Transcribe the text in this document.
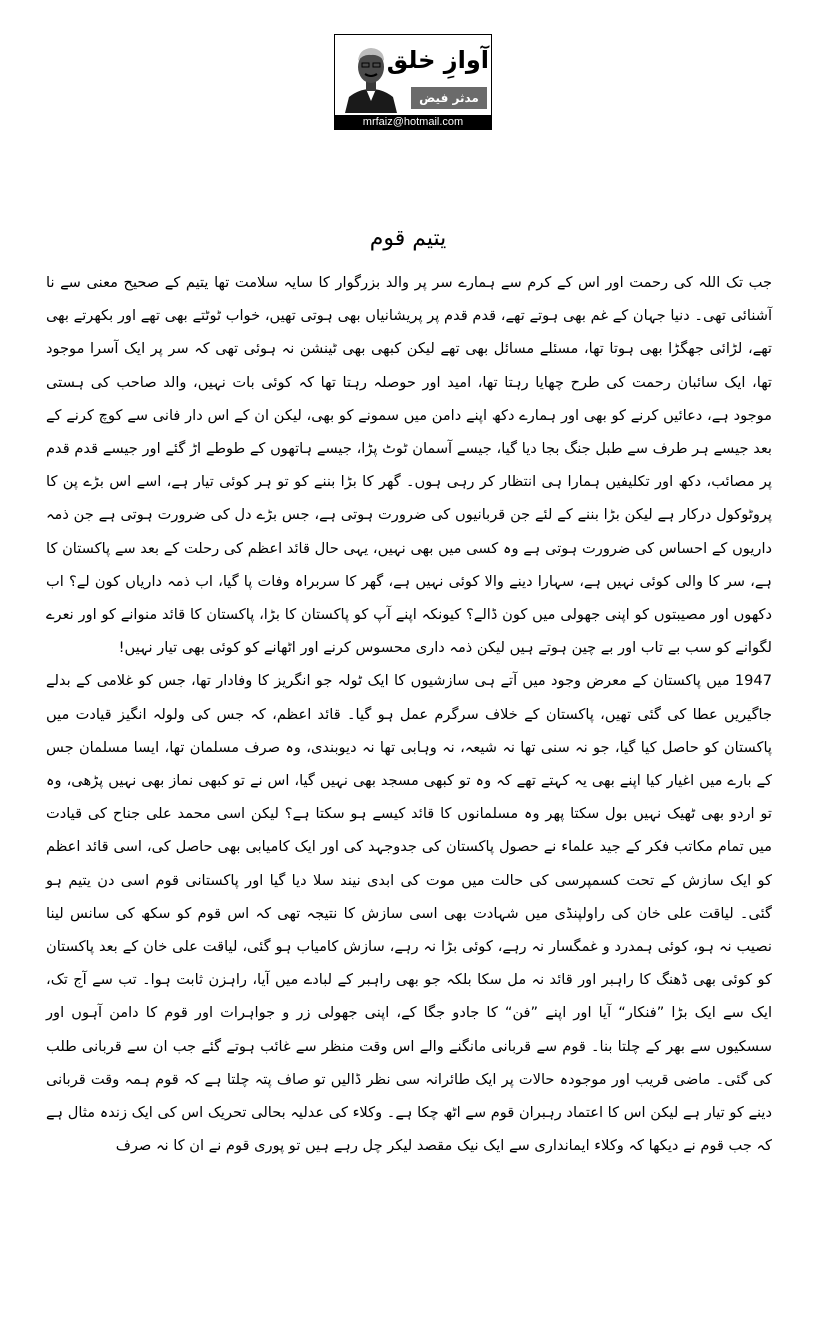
آوازِ خلق
مدثر فیض
mrfaiz@hotmail.com
یتیم قوم

جب تک اللہ کی رحمت اور اس کے کرم سے ہمارے سر پر والد بزرگوار کا سایہ سلامت تھا یتیم کے صحیح معنی سے نا آشنائی تھی۔ دنیا جہان کے غم بھی ہوتے تھے، قدم قدم پر پریشانیاں بھی ہوتی تھیں، خواب ٹوٹتے بھی تھے اور بکھرتے بھی تھے، لڑائی جھگڑا بھی ہوتا تھا، مسئلے مسائل بھی تھے لیکن کبھی بھی ٹینشن نہ ہوئی تھی کہ سر پر ایک آسرا موجود تھا، ایک سائبان رحمت کی طرح چھایا رہتا تھا، امید اور حوصلہ رہتا تھا کہ کوئی بات نہیں، والد صاحب کی ہستی موجود ہے، دعائیں کرنے کو بھی اور ہمارے دکھ اپنے دامن میں سمونے کو بھی، لیکن ان کے اس دار فانی سے کوچ کرنے کے بعد جیسے ہر طرف سے طبل جنگ بجا دیا گیا، جیسے آسمان ٹوٹ پڑا، جیسے ہاتھوں کے طوطے اڑ گئے اور جیسے قدم قدم پر مصائب، دکھ اور تکلیفیں ہمارا ہی انتظار کر رہی ہوں۔ گھر کا بڑا بننے کو تو ہر کوئی تیار ہے، اسے اس بڑے پن کا پروٹوکول درکار ہے لیکن بڑا بننے کے لئے جن قربانیوں کی ضرورت ہوتی ہے، جس بڑے دل کی ضرورت ہوتی ہے جن ذمہ داریوں کے احساس کی ضرورت ہوتی ہے وہ کسی میں بھی نہیں، یہی حال قائد اعظم کی رحلت کے بعد سے پاکستان کا ہے، سر کا والی کوئی نہیں ہے، سہارا دینے والا کوئی نہیں ہے، گھر کا سربراہ وفات پا گیا، اب ذمہ داریاں کون لے؟ اب دکھوں اور مصیبتوں کو اپنی جھولی میں کون ڈالے؟ کیونکہ اپنے آپ کو پاکستان کا بڑا، پاکستان کا قائد منوانے کو اور نعرے لگوانے کو سب بے تاب اور بے چین ہوتے ہیں لیکن ذمہ داری محسوس کرنے اور اٹھانے کو کوئی بھی تیار نہیں!

1947 میں پاکستان کے معرض وجود میں آتے ہی سازشیوں کا ایک ٹولہ جو انگریز کا وفادار تھا، جس کو غلامی کے بدلے جاگیریں عطا کی گئی تھیں، پاکستان کے خلاف سرگرم عمل ہو گیا۔ قائد اعظم، کہ جس کی ولولہ انگیز قیادت میں پاکستان کو حاصل کیا گیا، جو نہ سنی تھا نہ شیعہ، نہ وہابی تھا نہ دیوبندی، وہ صرف مسلمان تھا، ایسا مسلمان جس کے بارے میں اغیار کیا اپنے بھی یہ کہتے تھے کہ وہ تو کبھی مسجد بھی نہیں گیا، اس نے تو کبھی نماز بھی نہیں پڑھی، وہ تو اردو بھی ٹھیک نہیں بول سکتا پھر وہ مسلمانوں کا قائد کیسے ہو سکتا ہے؟ لیکن اسی محمد علی جناح کی قیادت میں تمام مکاتب فکر کے جید علماء نے حصول پاکستان کی جدوجہد کی اور ایک کامیابی بھی حاصل کی، اسی قائد اعظم کو ایک سازش کے تحت کسمپرسی کی حالت میں موت کی ابدی نیند سلا دیا گیا اور پاکستانی قوم اسی دن یتیم ہو گئی۔ لیاقت علی خان کی راولپنڈی میں شہادت بھی اسی سازش کا نتیجہ تھی کہ اس قوم کو سکھ کی سانس لینا نصیب نہ ہو، کوئی ہمدرد و غمگسار نہ رہے، کوئی بڑا نہ رہے، سازش کامیاب ہو گئی، لیاقت علی خان کے بعد پاکستان کو کوئی بھی ڈھنگ کا راہبر اور قائد نہ مل سکا بلکہ جو بھی راہبر کے لبادے میں آیا، راہزن ثابت ہوا۔ تب سے آج تک، ایک سے ایک بڑا ”فنکار“ آیا اور اپنے ”فن“ کا جادو جگا کے، اپنی جھولی زر و جواہرات اور قوم کا دامن آہوں اور سسکیوں سے بھر کے چلتا بنا۔ قوم سے قربانی مانگنے والے اس وقت منظر سے غائب ہوتے گئے جب ان سے قربانی طلب کی گئی۔ ماضی قریب اور موجودہ حالات پر ایک طائرانہ سی نظر ڈالیں تو صاف پتہ چلتا ہے کہ قوم ہمہ وقت قربانی دینے کو تیار ہے لیکن اس کا اعتماد رہبران قوم سے اٹھ چکا ہے۔ وکلاء کی عدلیہ بحالی تحریک اس کی ایک زندہ مثال ہے کہ جب قوم نے دیکھا کہ وکلاء ایمانداری سے ایک نیک مقصد لیکر چل رہے ہیں تو پوری قوم نے ان کا نہ صرف
